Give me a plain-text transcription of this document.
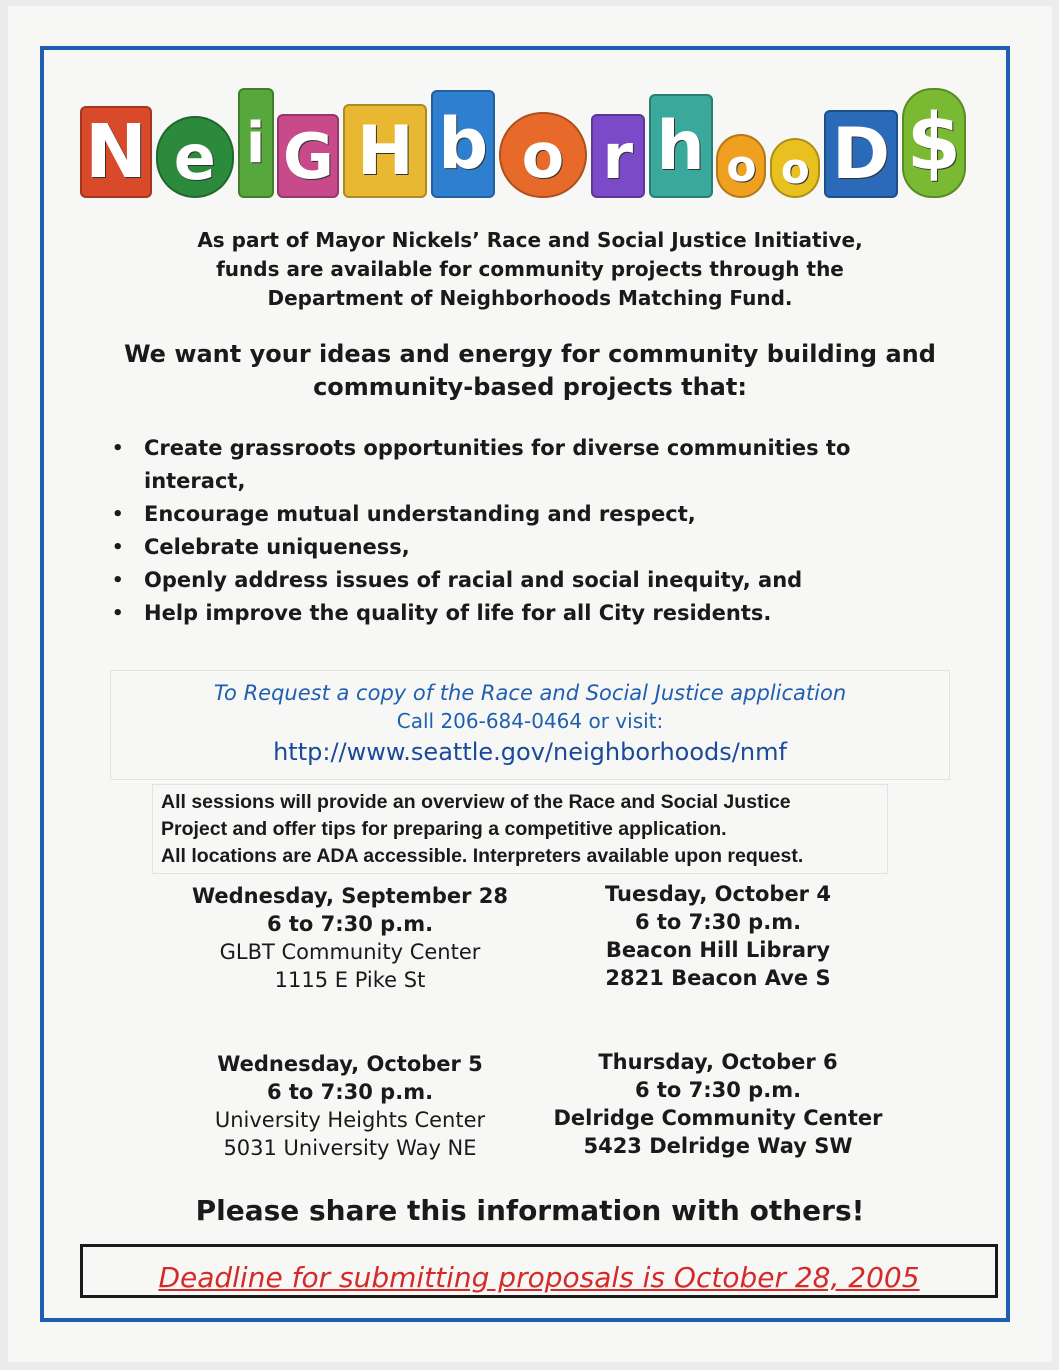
N e i G H b o r h o o D $
As part of Mayor Nickels’ Race and Social Justice Initiative,
funds are available for community projects through the
Department of Neighborhoods Matching Fund.
We want your ideas and energy for community building and
community-based projects that:
• Create grassroots opportunities for diverse communities to interact,
• Encourage mutual understanding and respect,
• Celebrate uniqueness,
• Openly address issues of racial and social inequity, and
• Help improve the quality of life for all City residents.
To Request a copy of the Race and Social Justice application
Call 206-684-0464 or visit:
http://www.seattle.gov/neighborhoods/nmf
All sessions will provide an overview of the Race and Social Justice
Project and offer tips for preparing a competitive application.
All locations are ADA accessible. Interpreters available upon request.
Wednesday, September 28
6 to 7:30 p.m.
GLBT Community Center
1115 E Pike St
Tuesday, October 4
6 to 7:30 p.m.
Beacon Hill Library
2821 Beacon Ave S
Wednesday, October 5
6 to 7:30 p.m.
University Heights Center
5031 University Way NE
Thursday, October 6
6 to 7:30 p.m.
Delridge Community Center
5423 Delridge Way SW
Please share this information with others!
Deadline for submitting proposals is October 28, 2005
